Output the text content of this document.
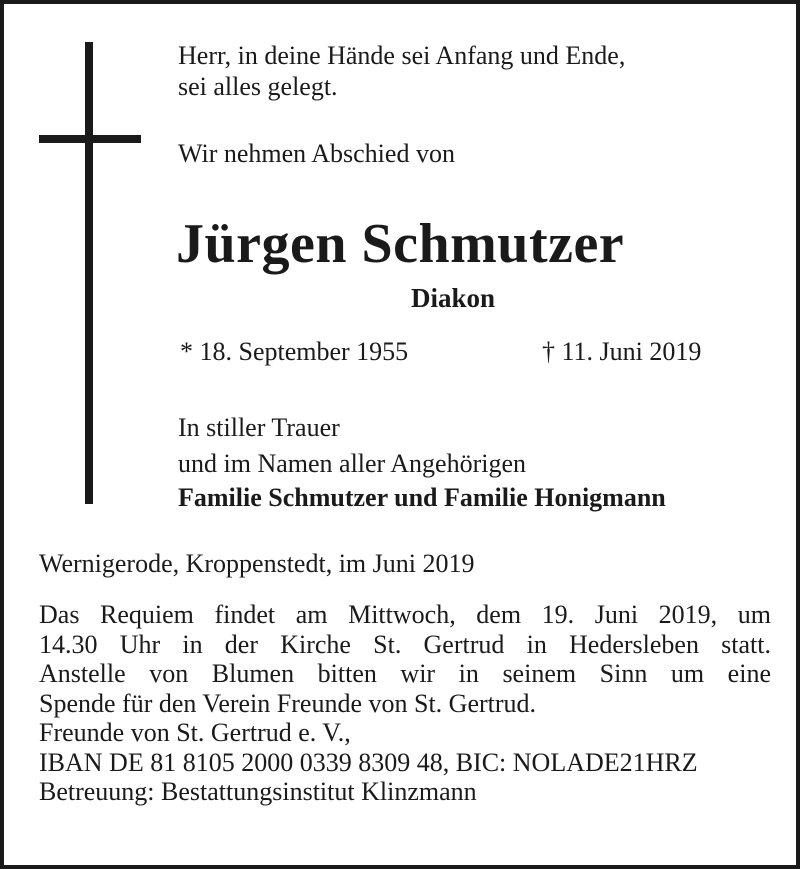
Herr, in deine Hände sei Anfang und Ende,
sei alles gelegt.
Wir nehmen Abschied von
Jürgen Schmutzer
Diakon
* 18. September 1955	† 11. Juni 2019
In stiller Trauer
und im Namen aller Angehörigen
Familie Schmutzer und Familie Honigmann
Wernigerode, Kroppenstedt, im Juni 2019
Das Requiem findet am Mittwoch, dem 19. Juni 2019, um
14.30 Uhr in der Kirche St. Gertrud in Hedersleben statt.
Anstelle von Blumen bitten wir in seinem Sinn um eine
Spende für den Verein Freunde von St. Gertrud.
Freunde von St. Gertrud e. V.,
IBAN DE 81 8105 2000 0339 8309 48, BIC: NOLADE21HRZ
Betreuung: Bestattungsinstitut Klinzmann
